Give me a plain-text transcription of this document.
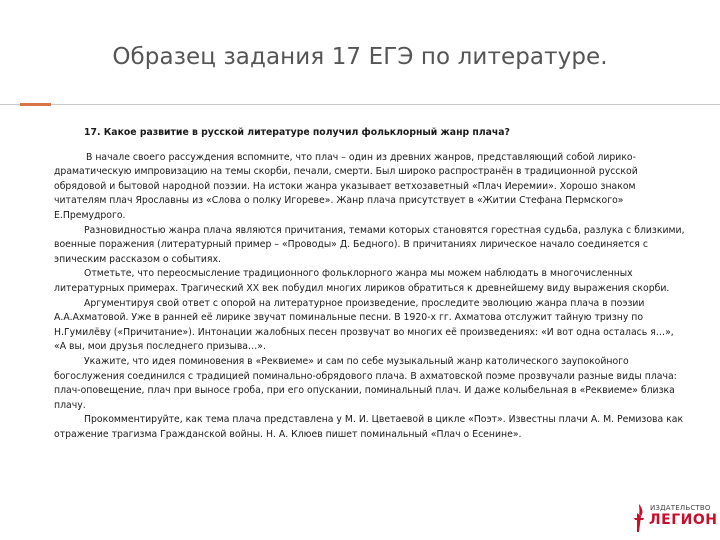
Образец задания 17 ЕГЭ по литературе.
17. Какое развитие в русской литературе получил фольклорный жанр плача?

В начале своего рассуждения вспомните, что плач – один из древних жанров, представляющий собой лирико-драматическую импровизацию на темы скорби, печали, смерти. Был широко распространён в традиционной русской обрядовой и бытовой народной поэзии. На истоки жанра указывает ветхозаветный «Плач Иеремии». Хорошо знаком читателям плач Ярославны из «Слова о полку Игореве». Жанр плача присутствует в «Житии Стефана Пермского» Е.Премудрого.

Разновидностью жанра плача являются причитания, темами которых становятся горестная судьба, разлука с близкими, военные поражения (литературный пример – «Проводы» Д. Бедного). В причитаниях лирическое начало соединяется с эпическим рассказом о событиях.

Отметьте, что переосмысление традиционного фольклорного жанра мы можем наблюдать в многочисленных литературных примерах. Трагический XX век побудил многих лириков обратиться к древнейшему виду выражения скорби.

Аргументируя свой ответ с опорой на литературное произведение, проследите эволюцию жанра плача в поэзии А.А.Ахматовой. Уже в ранней её лирике звучат поминальные песни. В 1920-х гг. Ахматова отслужит тайную тризну по Н.Гумилёву («Причитание»). Интонации жалобных песен прозвучат во многих её произведениях: «И вот одна осталась я…», «А вы, мои друзья последнего призыва…».

Укажите, что идея поминовения в «Реквиеме» и сам по себе музыкальный жанр католического заупокойного богослужения соединился с традицией поминально-обрядового плача. В ахматовской поэме прозвучали разные виды плача: плач-оповещение, плач при выносе гроба, при его опускании, поминальный плач. И даже колыбельная в «Реквиеме» близка плачу.

Прокомментируйте, как тема плача представлена у М. И. Цветаевой в цикле «Поэт». Известны плачи А. М. Ремизова как отражение трагизма Гражданской войны. Н. А. Клюев пишет поминальный «Плач о Есенине».

ИЗДАТЕЛЬСТВО
ЛЕГИОН
